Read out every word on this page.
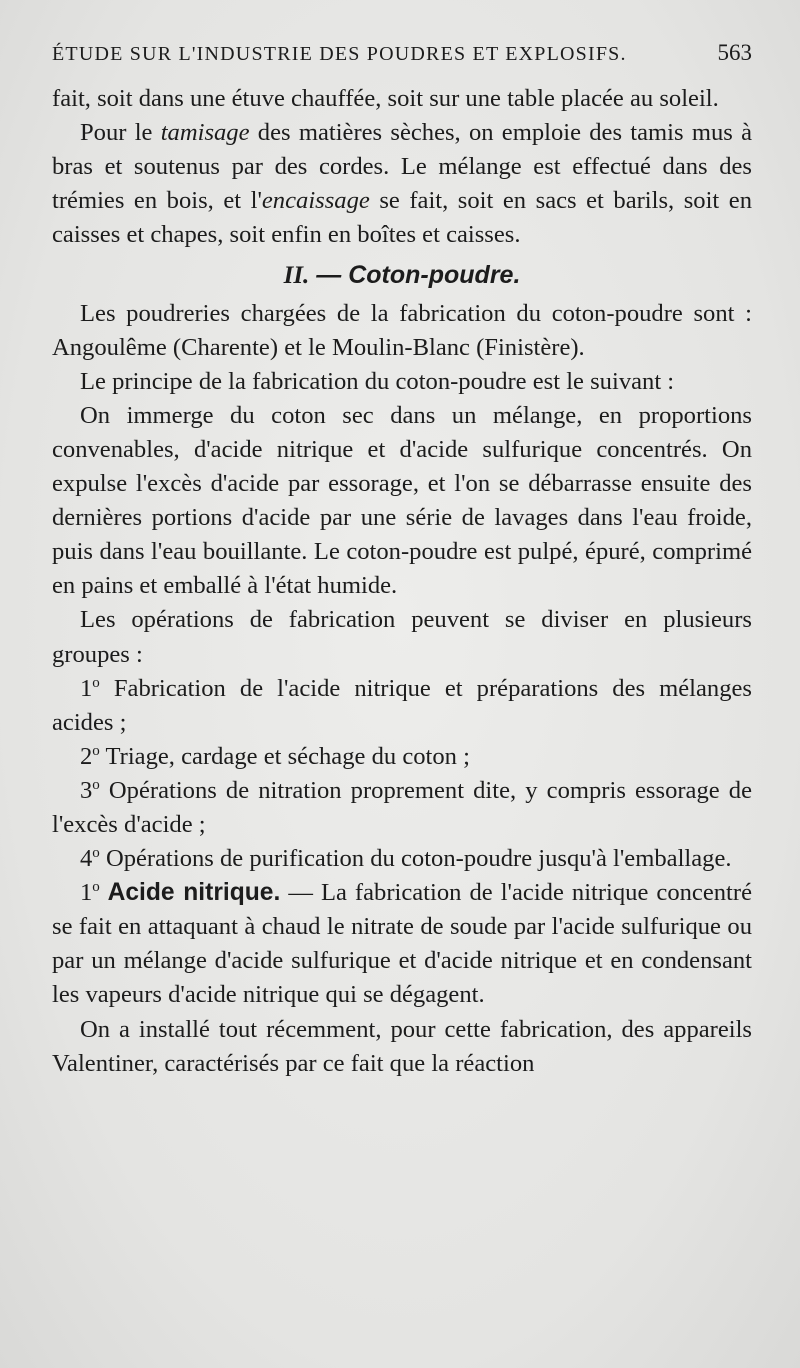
ÉTUDE SUR L'INDUSTRIE DES POUDRES ET EXPLOSIFS.	563

fait, soit dans une étuve chauffée, soit sur une table placée au soleil.

Pour le tamisage des matières sèches, on emploie des tamis mus à bras et soutenus par des cordes. Le mélange est effectué dans des trémies en bois, et l'encaissage se fait, soit en sacs et barils, soit en caisses et chapes, soit enfin en boîtes et caisses.

II. — Coton-poudre.

Les poudreries chargées de la fabrication du coton-poudre sont : Angoulême (Charente) et le Moulin-Blanc (Finistère).

Le principe de la fabrication du coton-poudre est le suivant :

On immerge du coton sec dans un mélange, en proportions convenables, d'acide nitrique et d'acide sulfurique concentrés. On expulse l'excès d'acide par essorage, et l'on se débarrasse ensuite des dernières portions d'acide par une série de lavages dans l'eau froide, puis dans l'eau bouillante. Le coton-poudre est pulpé, épuré, comprimé en pains et emballé à l'état humide.

Les opérations de fabrication peuvent se diviser en plusieurs groupes :

1$^o$ Fabrication de l'acide nitrique et préparations des mélanges acides ;

2$^o$ Triage, cardage et séchage du coton ;

3$^o$ Opérations de nitration proprement dite, y compris essorage de l'excès d'acide ;

4$^o$ Opérations de purification du coton-poudre jusqu'à l'emballage.

1$^o$ Acide nitrique. — La fabrication de l'acide nitrique concentré se fait en attaquant à chaud le nitrate de soude par l'acide sulfurique ou par un mélange d'acide sulfurique et d'acide nitrique et en condensant les vapeurs d'acide nitrique qui se dégagent.

On a installé tout récemment, pour cette fabrication, des appareils Valentiner, caractérisés par ce fait que la réaction
